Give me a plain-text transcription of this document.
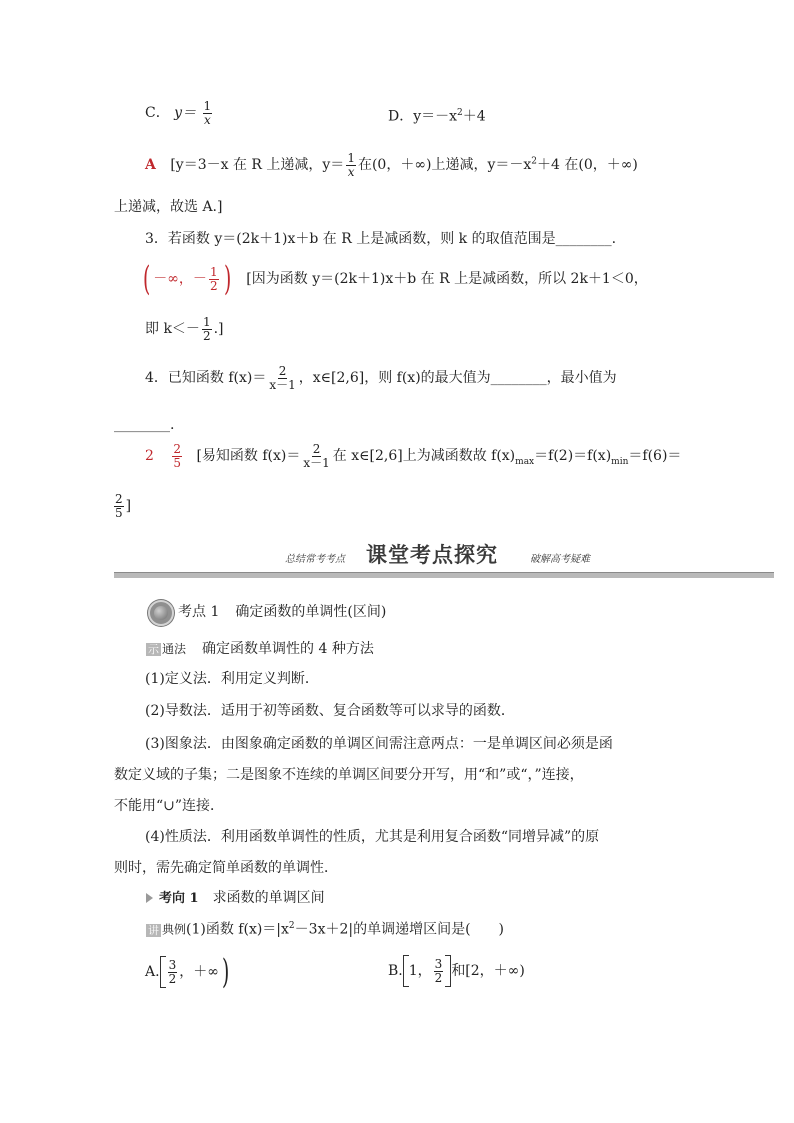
C． $y= \frac{1}{x}$	D．$y=-x^2+4$
A [y＝3－x 在 R 上递减，$y= \frac{1}{x}$ 在(0，＋∞)上递减，$y=-x^2+4$ 在(0，＋∞)
上递减，故选 A.]
3．若函数 y＝(2k＋1)x＋b 在 R 上是减函数，则 k 的取值范围是________.
( －∞，－ $\frac{1}{2}$ ) [因为函数 y＝(2k＋1)x＋b 在 R 上是减函数，所以 2k＋1＜0，
即 $k<- \frac{1}{2}$ .]
4．已知函数 $f(x)= \frac{2}{x-1}$ ，x∈[2,6]，则 f(x)的最大值为________，最小值为
________.
$2 \frac{2}{5}$ [易知函数 $f(x)= \frac{2}{x-1}$ 在 x∈[2,6]上为减函数故 $f(x)_{max}=f(2)=f(x)_{min}=f(6)=$
$\frac{2}{5}$ ]
总结常考考点 课堂考点探究	破解高考疑难
考点 1 确定函数的单调性(区间)
示 通法 确定函数单调性的 4 种方法
(1)定义法．利用定义判断．
(2)导数法．适用于初等函数、复合函数等可以求导的函数．
(3)图象法．由图象确定函数的单调区间需注意两点：一是单调区间必须是函
数定义域的子集；二是图象不连续的单调区间要分开写，用“和”或“，”连接，
不能用“∪”连接．
(4)性质法．利用函数单调性的性质，尤其是利用复合函数“同增异减”的原
则时，需先确定简单函数的单调性．
考向 1 求函数的单调区间
讲 典例(1)函数 $f(x)=|x^2-3x+2|$的单调递增区间是(　　)
A. $\frac{3}{2}$ ，＋∞)	B. 1， $\frac{3}{2}$ 和[2，＋∞)
